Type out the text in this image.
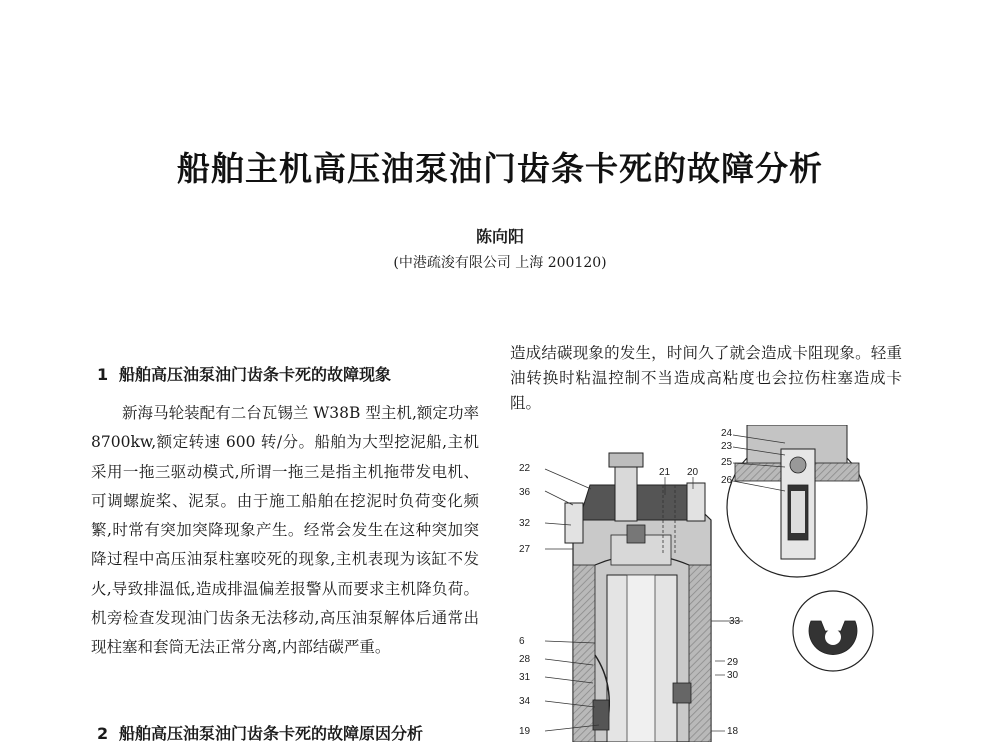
船舶主机高压油泵油门齿条卡死的故障分析
陈向阳
(中港疏浚有限公司 上海 200120)
1 船舶高压油泵油门齿条卡死的故障现象

新海马轮装配有二台瓦锡兰 W38B 型主机,额定功率 8700kw,额定转速 600 转/分。船舶为大型挖泥船,主机采用一拖三驱动模式,所谓一拖三是指主机拖带发电机、可调螺旋桨、泥泵。由于施工船舶在挖泥时负荷变化频繁,时常有突加突降现象产生。经常会发生在这种突加突降过程中高压油泵柱塞咬死的现象,主机表现为该缸不发火,导致排温低,造成排温偏差报警从而要求主机降负荷。机旁检查发现油门齿条无法移动,高压油泵解体后通常出现柱塞和套筒无法正常分离,内部结碳严重。

2 船舶高压油泵油门齿条卡死的故障原因分析

造成结碳现象的发生，时间久了就会造成卡阻现象。轻重油转换时粘温控制不当造成高粘度也会拉伤柱塞造成卡阻。

24
23
25
26
22	21 20
36
32
27
33
6
28	29
31	30
34
19	18
